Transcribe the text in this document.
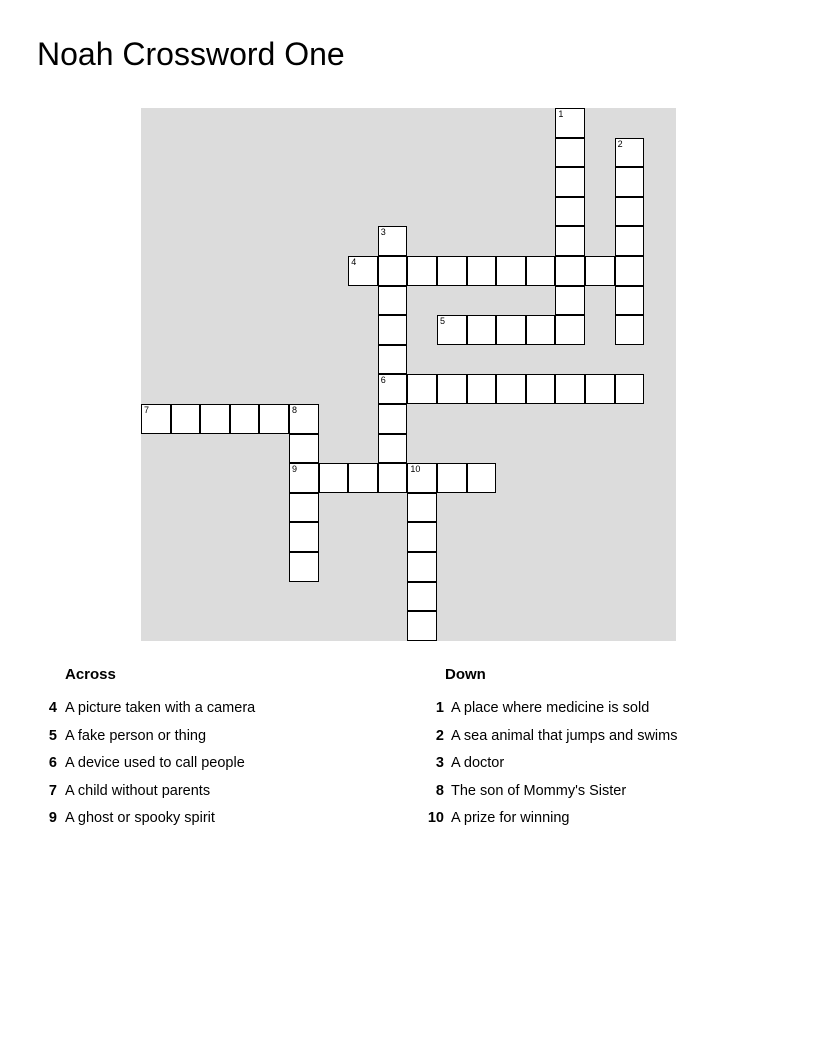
Noah Crossword One
1
2
3
4
5
6
7	8
9	10
Across
4 A picture taken with a camera
5 A fake person or thing
6 A device used to call people
7 A child without parents
9 A ghost or spooky spirit
Down
1 A place where medicine is sold
2 A sea animal that jumps and swims
3 A doctor
8 The son of Mommy's Sister
10 A prize for winning
